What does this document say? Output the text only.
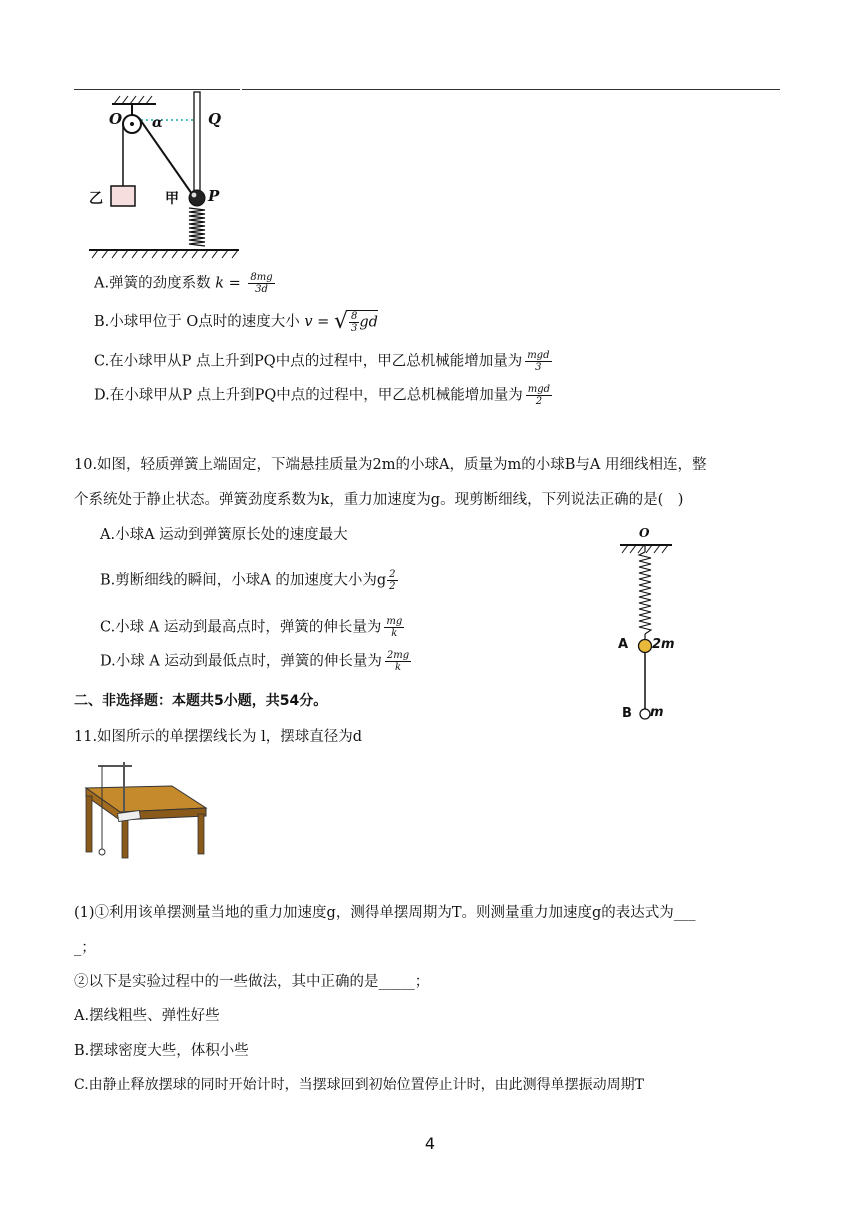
O α	Q
乙	甲 P
A.弹簧的劲度系数 $k = \frac{8mg}{3d}$
B.小球甲位于 O点时的速度大小 v = √ $\frac{8}{3}$ gd
C.在小球甲从P 点上升到PQ中点的过程中，甲乙总机械能增加量为 $\frac{\text{mgd}}{3}$
D.在小球甲从P 点上升到PQ中点的过程中，甲乙总机械能增加量为 $\frac{\text{mgd}}{2}$
10.如图，轻质弹簧上端固定，下端悬挂质量为2m的小球A，质量为m的小球B与A 用细线相连，整
个系统处于静止状态。弹簧劲度系数为k，重力加速度为g。现剪断细线，下列说法正确的是(　)
A.小球A 运动到弹簧原长处的速度最大
B.剪断细线的瞬间，小球A 的加速度大小为g $\frac{2}{2}$
C.小球 A 运动到最高点时，弹簧的伸长量为 $\frac{mg}{k}$
D.小球 A 运动到最低点时，弹簧的伸长量为 $\frac{2mg}{k}$
O
A 2m
B m
二、非选择题：本题共5小题，共54分。
11.如图所示的单摆摆线长为 l，摆球直径为d
(1)①利用该单摆测量当地的重力加速度g，测得单摆周期为T。则测量重力加速度g的表达式为___
_；
②以下是实验过程中的一些做法，其中正确的是_____；
A.摆线粗些、弹性好些
B.摆球密度大些，体积小些
C.由静止释放摆球的同时开始计时，当摆球回到初始位置停止计时，由此测得单摆振动周期T
4
